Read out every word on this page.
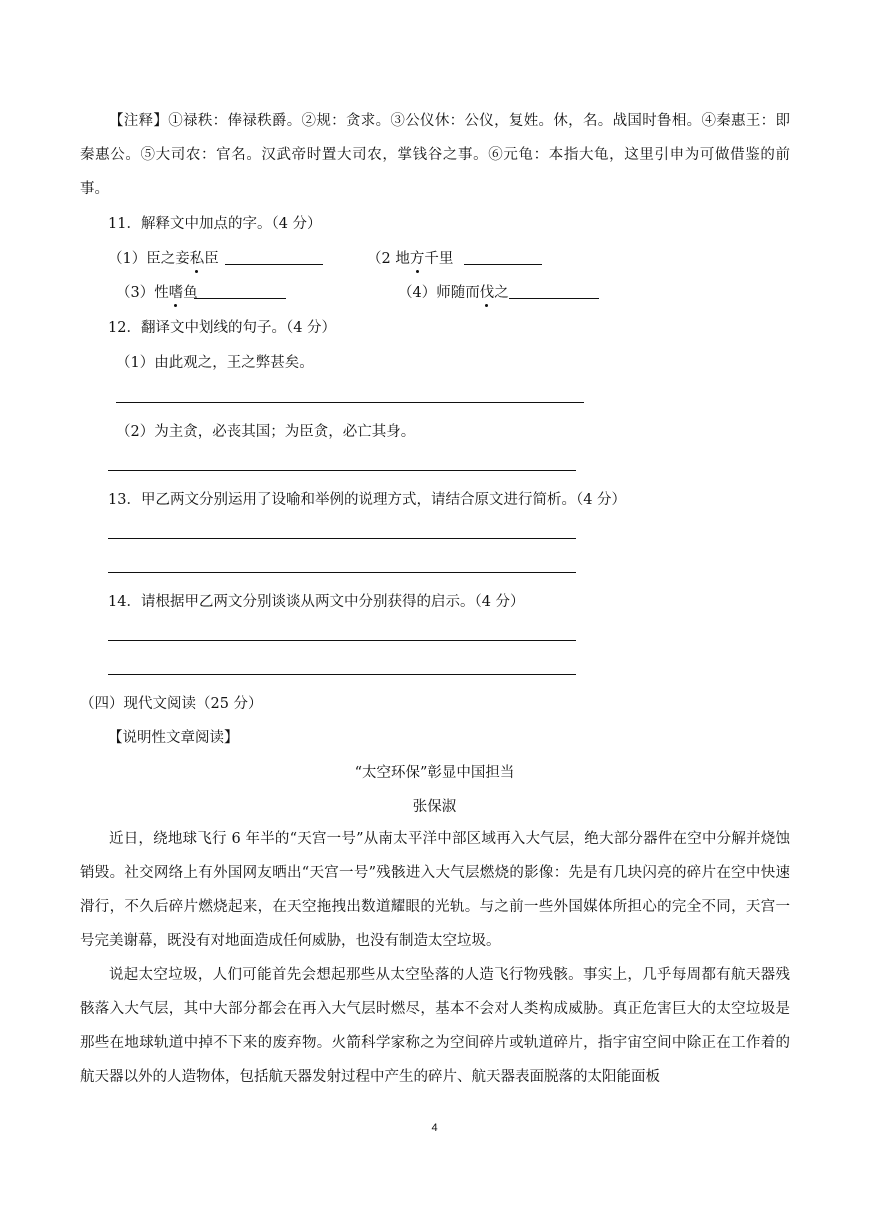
【注释】①禄秩：俸禄秩爵。②规：贪求。③公仪休：公仪，复姓。休，名。战国时鲁相。④秦惠王：即秦惠公。⑤大司农：官名。汉武帝时置大司农，掌钱谷之事。⑥元龟：本指大龟，这里引申为可做借鉴的前事。
11．解释文中加点的字。（4 分）
（1）臣之妾私臣	（2 地方千里
（3）性嗜鱼	（4）师随而伐之
12．翻译文中划线的句子。（4 分）
（1）由此观之，王之弊甚矣。
（2）为主贪，必丧其国；为臣贪，必亡其身。
13．甲乙两文分别运用了设喻和举例的说理方式，请结合原文进行简析。（4 分）
14．请根据甲乙两文分别谈谈从两文中分别获得的启示。（4 分）
（四）现代文阅读（25 分）
【说明性文章阅读】
“太空环保”彰显中国担当
张保淑
近日，绕地球飞行 6 年半的“天宫一号”从南太平洋中部区域再入大气层，绝大部分器件在空中分解并烧蚀销毁。社交网络上有外国网友晒出“天宫一号”残骸进入大气层燃烧的影像：先是有几块闪亮的碎片在空中快速滑行，不久后碎片燃烧起来，在天空拖拽出数道耀眼的光轨。与之前一些外国媒体所担心的完全不同，天宫一号完美谢幕，既没有对地面造成任何威胁，也没有制造太空垃圾。
说起太空垃圾，人们可能首先会想起那些从太空坠落的人造飞行物残骸。事实上，几乎每周都有航天器残骸落入大气层，其中大部分都会在再入大气层时燃尽，基本不会对人类构成威胁。真正危害巨大的太空垃圾是那些在地球轨道中掉不下来的废弃物。火箭科学家称之为空间碎片或轨道碎片，指宇宙空间中除正在工作着的航天器以外的人造物体，包括航天器发射过程中产生的碎片、航天器表面脱落的太阳能面板
4
